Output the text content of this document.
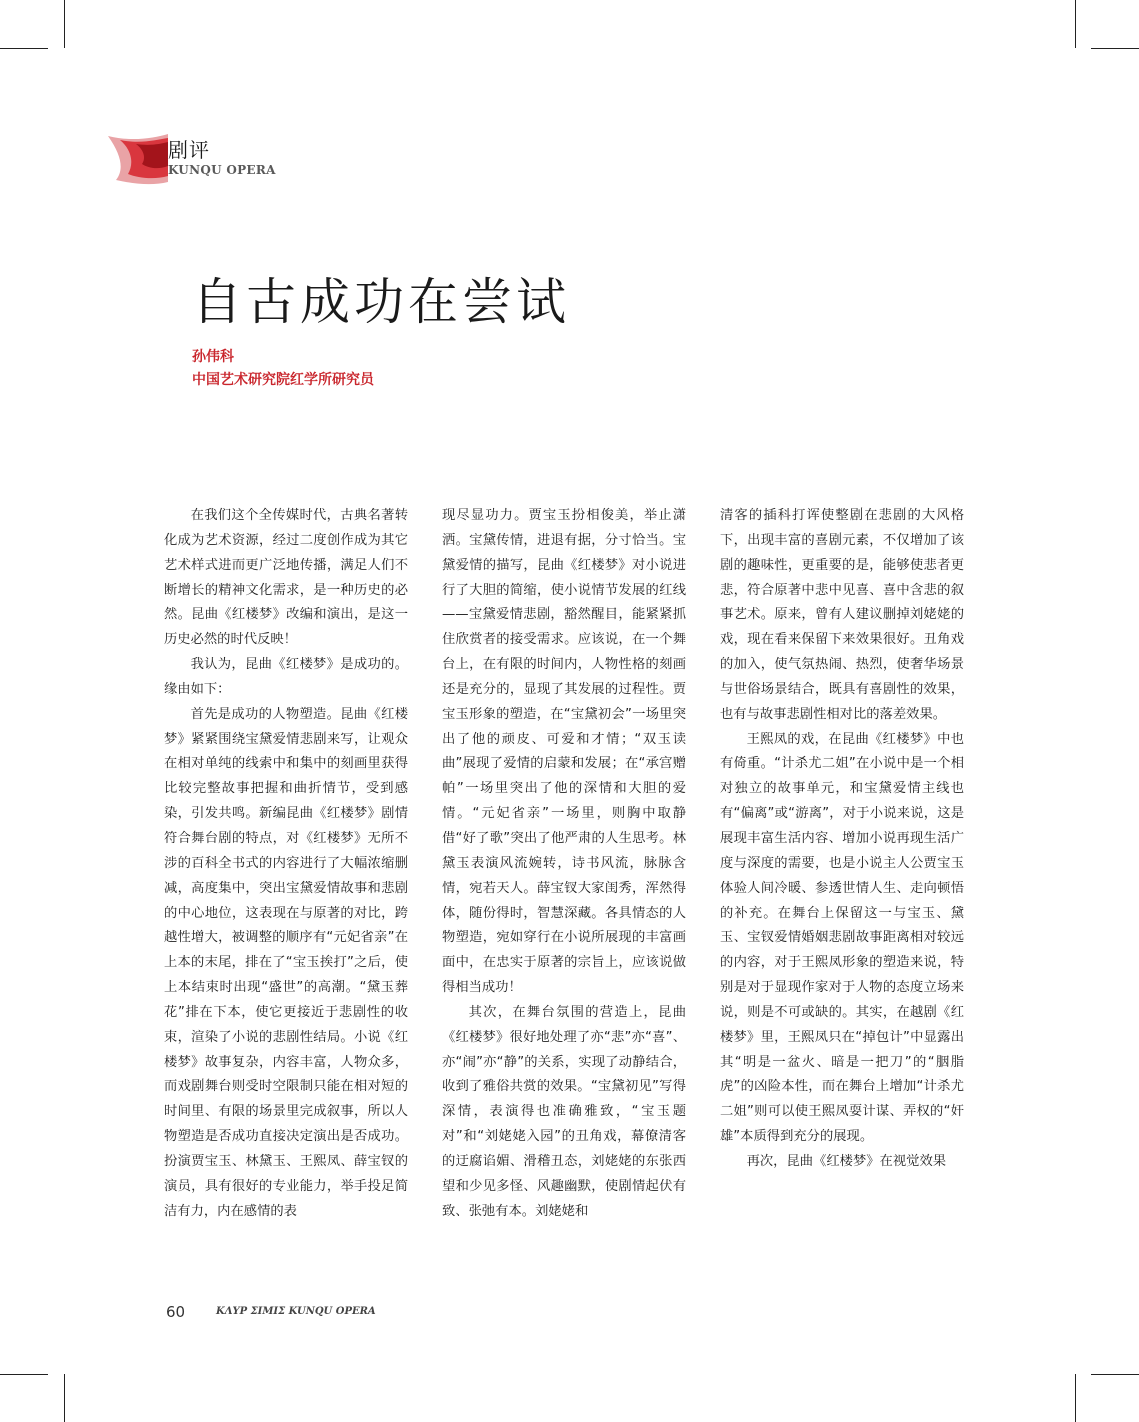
剧评
KUNQU OPERA
自古成功在尝试
孙伟科
中国艺术研究院红学所研究员

在我们这个全传媒时代，古典名著转化成为艺术资源，经过二度创作成为其它艺术样式进而更广泛地传播，满足人们不断增长的精神文化需求，是一种历史的必然。昆曲《红楼梦》改编和演出，是这一历史必然的时代反映！

我认为，昆曲《红楼梦》是成功的。缘由如下：

首先是成功的人物塑造。昆曲《红楼梦》紧紧围绕宝黛爱情悲剧来写，让观众在相对单纯的线索中和集中的刻画里获得比较完整故事把握和曲折情节，受到感染，引发共鸣。新编昆曲《红楼梦》剧情符合舞台剧的特点，对《红楼梦》无所不涉的百科全书式的内容进行了大幅浓缩删减，高度集中，突出宝黛爱情故事和悲剧的中心地位，这表现在与原著的对比，跨越性增大，被调整的顺序有“元妃省亲”在上本的末尾，排在了“宝玉挨打”之后，使上本结束时出现“盛世”的高潮。“黛玉葬花”排在下本，使它更接近于悲剧性的收束，渲染了小说的悲剧性结局。小说《红楼梦》故事复杂，内容丰富，人物众多，而戏剧舞台则受时空限制只能在相对短的时间里、有限的场景里完成叙事，所以人物塑造是否成功直接决定演出是否成功。扮演贾宝玉、林黛玉、王熙凤、薛宝钗的演员，具有很好的专业能力，举手投足简洁有力，内在感情的表

现尽显功力。贾宝玉扮相俊美，举止潇洒。宝黛传情，进退有据，分寸恰当。宝黛爱情的描写，昆曲《红楼梦》对小说进行了大胆的简缩，使小说情节发展的红线——宝黛爱情悲剧，豁然醒目，能紧紧抓住欣赏者的接受需求。应该说，在一个舞台上，在有限的时间内，人物性格的刻画还是充分的，显现了其发展的过程性。贾宝玉形象的塑造，在“宝黛初会”一场里突出了他的顽皮、可爱和才情；“双玉读曲”展现了爱情的启蒙和发展；在“承宫赠帕”一场里突出了他的深情和大胆的爱情。“元妃省亲”一场里，则胸中取静借“好了歌”突出了他严肃的人生思考。林黛玉表演风流婉转，诗书风流，脉脉含情，宛若天人。薛宝钗大家闺秀，浑然得体，随份得时，智慧深藏。各具情态的人物塑造，宛如穿行在小说所展现的丰富画面中，在忠实于原著的宗旨上，应该说做得相当成功！

其次，在舞台氛围的营造上，昆曲《红楼梦》很好地处理了亦“悲”亦“喜”、亦“闹”亦“静”的关系，实现了动静结合，收到了雅俗共赏的效果。“宝黛初见”写得深情，表演得也准确雅致，“宝玉题对”和“刘姥姥入园”的丑角戏，幕僚清客的迂腐谄媚、滑稽丑态，刘姥姥的东张西望和少见多怪、风趣幽默，使剧情起伏有致、张弛有本。刘姥姥和

清客的插科打诨使整剧在悲剧的大风格下，出现丰富的喜剧元素，不仅增加了该剧的趣味性，更重要的是，能够使悲者更悲，符合原著中悲中见喜、喜中含悲的叙事艺术。原来，曾有人建议删掉刘姥姥的戏，现在看来保留下来效果很好。丑角戏的加入，使气氛热闹、热烈，使奢华场景与世俗场景结合，既具有喜剧性的效果，也有与故事悲剧性相对比的落差效果。

王熙凤的戏，在昆曲《红楼梦》中也有倚重。“计杀尤二姐”在小说中是一个相对独立的故事单元，和宝黛爱情主线也有“偏离”或“游离”，对于小说来说，这是展现丰富生活内容、增加小说再现生活广度与深度的需要，也是小说主人公贾宝玉体验人间冷暖、参透世情人生、走向顿悟的补充。在舞台上保留这一与宝玉、黛玉、宝钗爱情婚姻悲剧故事距离相对较远的内容，对于王熙凤形象的塑造来说，特别是对于显现作家对于人物的态度立场来说，则是不可或缺的。其实，在越剧《红楼梦》里，王熙凤只在“掉包计”中显露出其“明是一盆火、暗是一把刀”的“胭脂虎”的凶险本性，而在舞台上增加“计杀尤二姐”则可以使王熙凤耍计谋、弄权的“奸雄”本质得到充分的展现。

再次，昆曲《红楼梦》在视觉效果

60	ΚΛΥΡ ΣΙΜΙΣ KUNQU OPERA
